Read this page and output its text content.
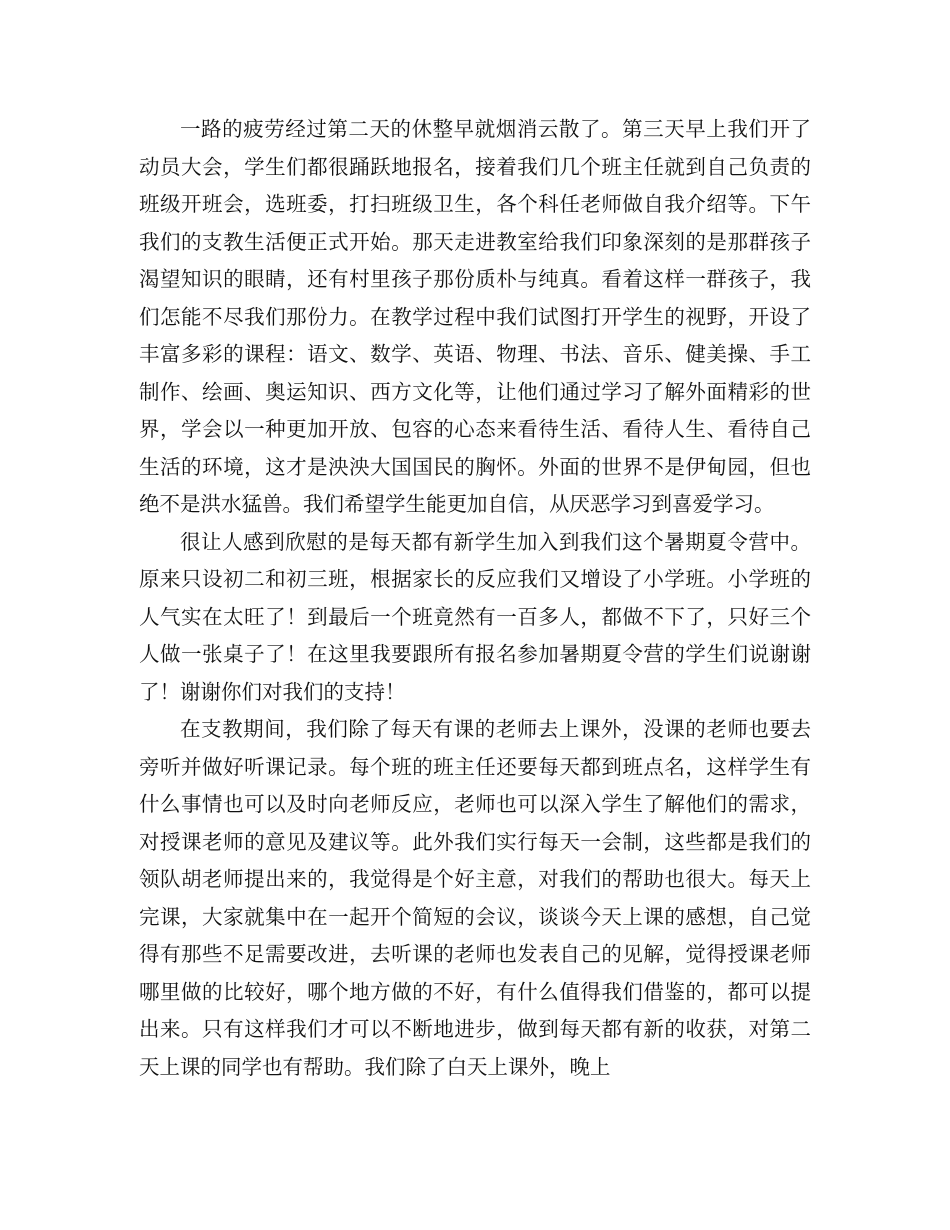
一路的疲劳经过第二天的休整早就烟消云散了。第三天早上我们开了动员大会，学生们都很踊跃地报名，接着我们几个班主任就到自己负责的班级开班会，选班委，打扫班级卫生，各个科任老师做自我介绍等。下午我们的支教生活便正式开始。那天走进教室给我们印象深刻的是那群孩子渴望知识的眼睛，还有村里孩子那份质朴与纯真。看着这样一群孩子，我们怎能不尽我们那份力。在教学过程中我们试图打开学生的视野，开设了丰富多彩的课程：语文、数学、英语、物理、书法、音乐、健美操、手工制作、绘画、奥运知识、西方文化等，让他们通过学习了解外面精彩的世界，学会以一种更加开放、包容的心态来看待生活、看待人生、看待自己生活的环境，这才是泱泱大国国民的胸怀。外面的世界不是伊甸园，但也绝不是洪水猛兽。我们希望学生能更加自信，从厌恶学习到喜爱学习。

很让人感到欣慰的是每天都有新学生加入到我们这个暑期夏令营中。原来只设初二和初三班，根据家长的反应我们又增设了小学班。小学班的人气实在太旺了！到最后一个班竟然有一百多人，都做不下了，只好三个人做一张桌子了！在这里我要跟所有报名参加暑期夏令营的学生们说谢谢了！谢谢你们对我们的支持！

在支教期间，我们除了每天有课的老师去上课外，没课的老师也要去旁听并做好听课记录。每个班的班主任还要每天都到班点名，这样学生有什么事情也可以及时向老师反应，老师也可以深入学生了解他们的需求，对授课老师的意见及建议等。此外我们实行每天一会制，这些都是我们的领队胡老师提出来的，我觉得是个好主意，对我们的帮助也很大。每天上完课，大家就集中在一起开个简短的会议，谈谈今天上课的感想，自己觉得有那些不足需要改进，去听课的老师也发表自己的见解，觉得授课老师哪里做的比较好，哪个地方做的不好，有什么值得我们借鉴的，都可以提出来。只有这样我们才可以不断地进步，做到每天都有新的收获，对第二天上课的同学也有帮助。我们除了白天上课外，晚上
